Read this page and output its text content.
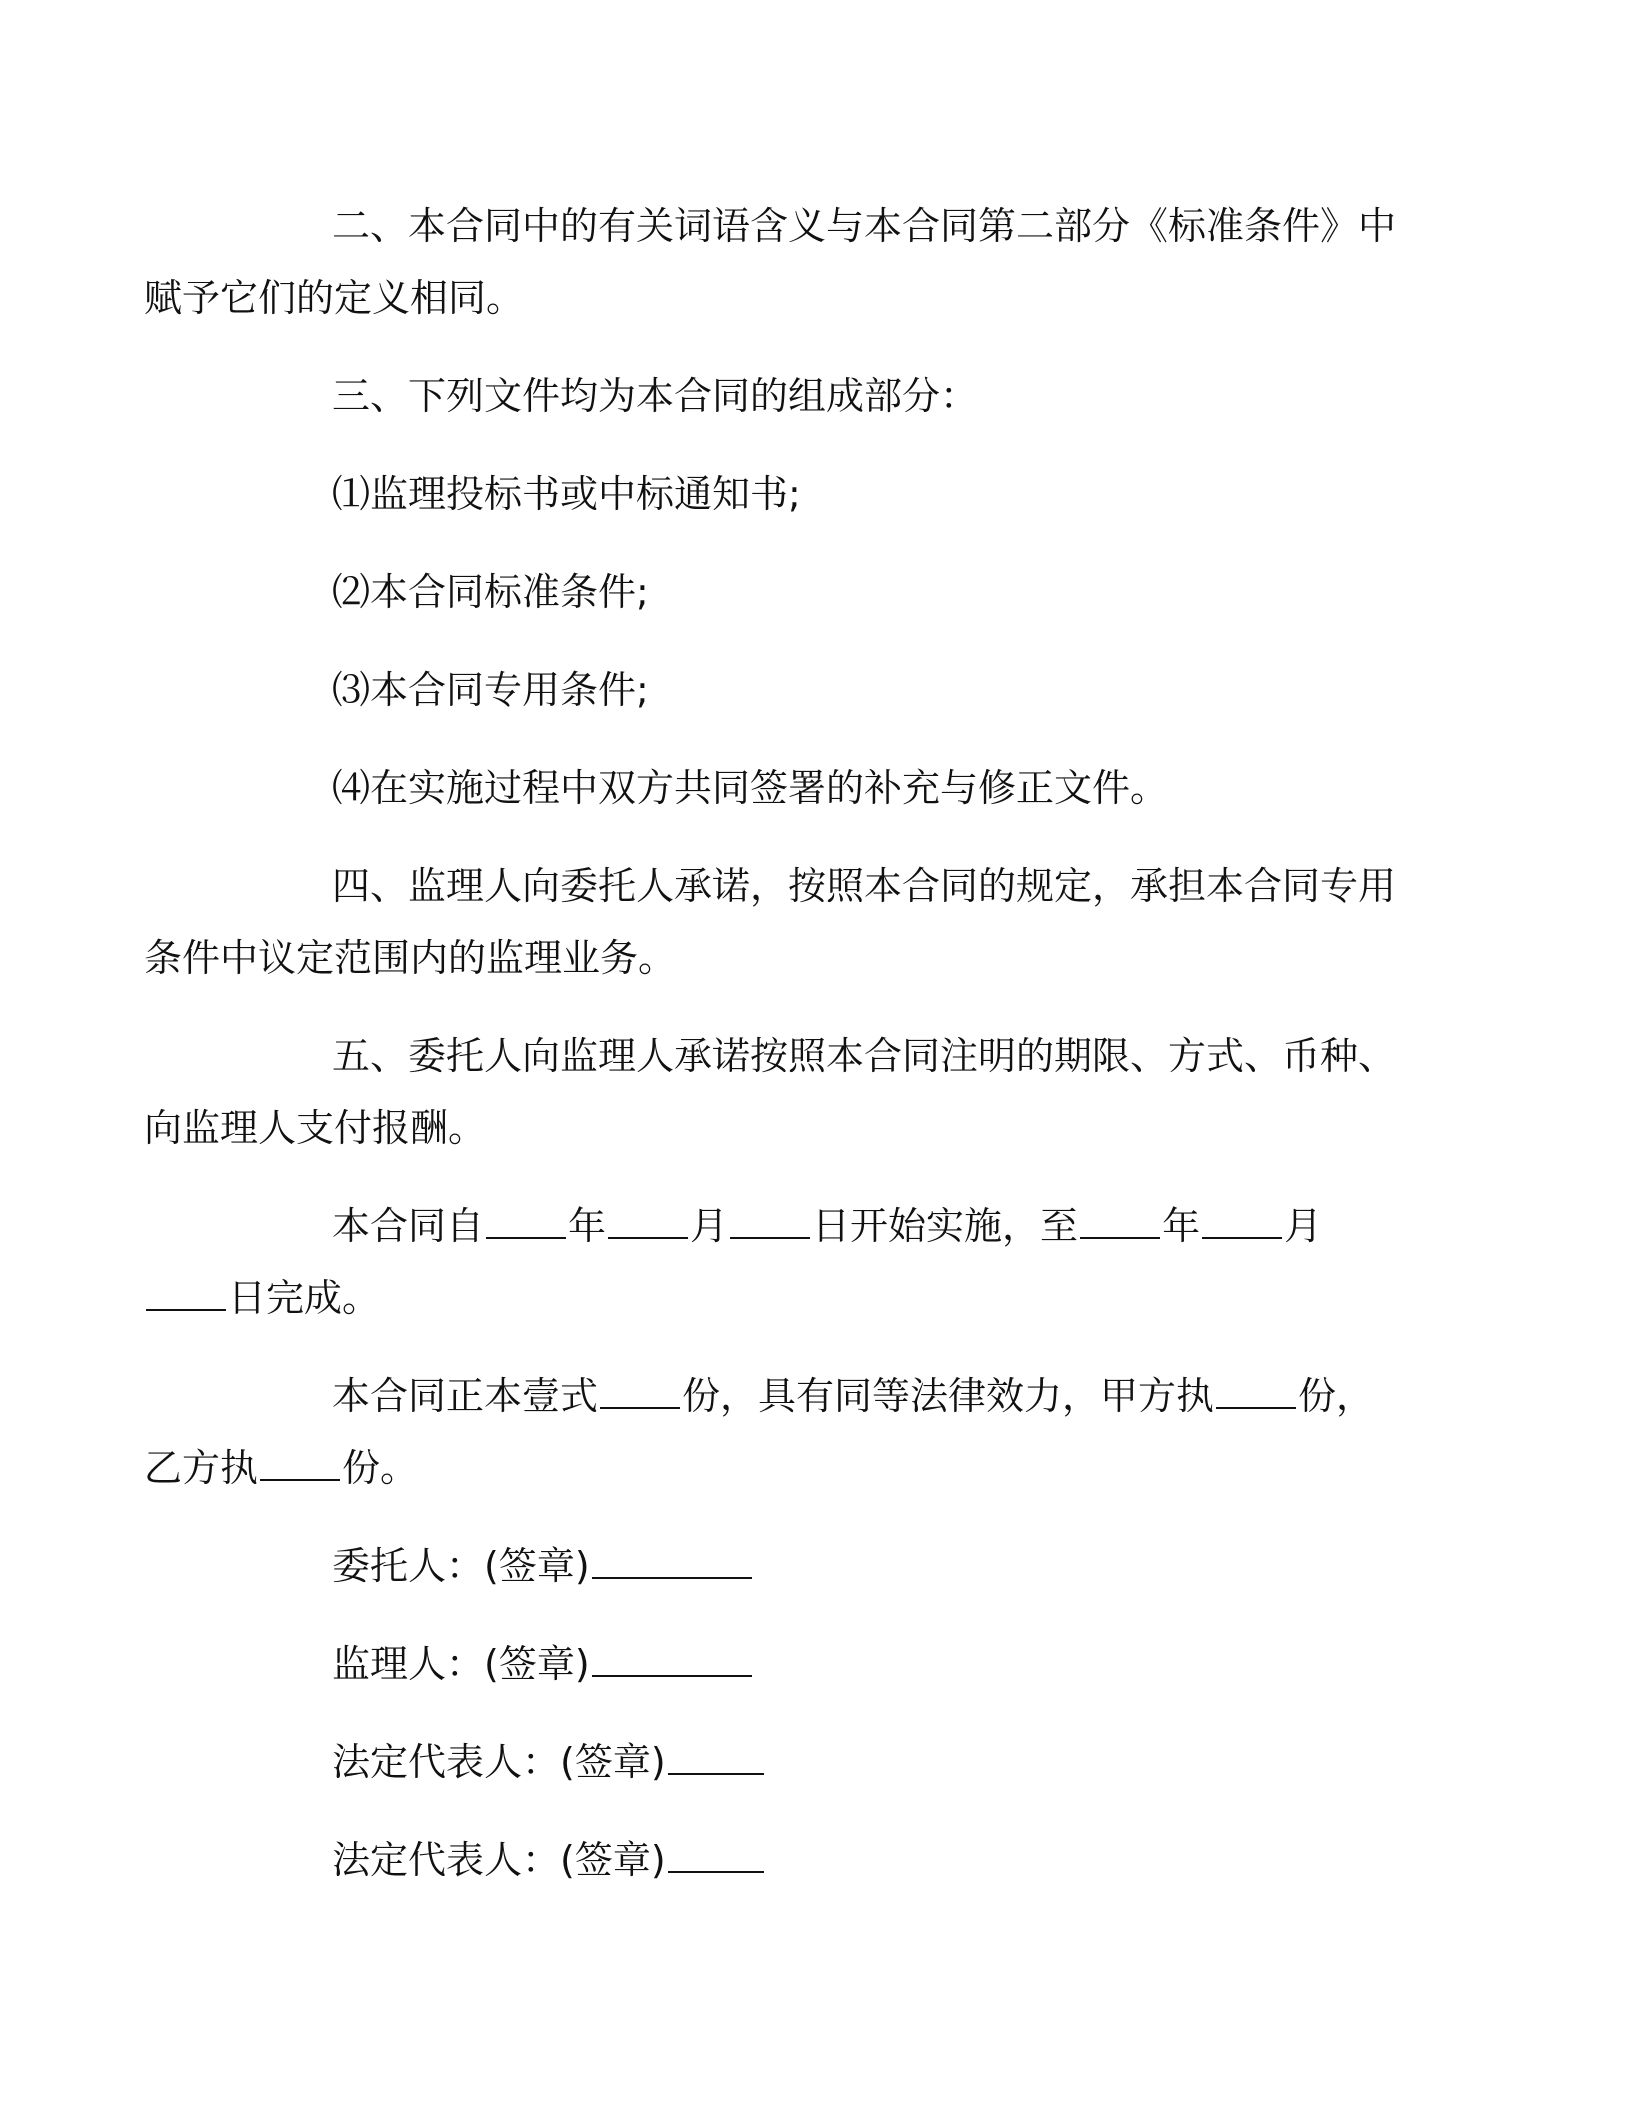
二、本合同中的有关词语含义与本合同第二部分《标准条件》中
赋予它们的定义相同。

三、下列文件均为本合同的组成部分：

⑴监理投标书或中标通知书;

⑵本合同标准条件;

⑶本合同专用条件;

⑷在实施过程中双方共同签署的补充与修正文件。

四、监理人向委托人承诺，按照本合同的规定，承担本合同专用
条件中议定范围内的监理业务。

五、委托人向监理人承诺按照本合同注明的期限、方式、币种、
向监理人支付报酬。

本合同自 年 月 日开始实施，至 年 月
日完成。

本合同正本壹式 份，具有同等法律效力，甲方执 份，
乙方执 份。

委托人：(签章)

监理人：(签章)

法定代表人：(签章)

法定代表人：(签章)
